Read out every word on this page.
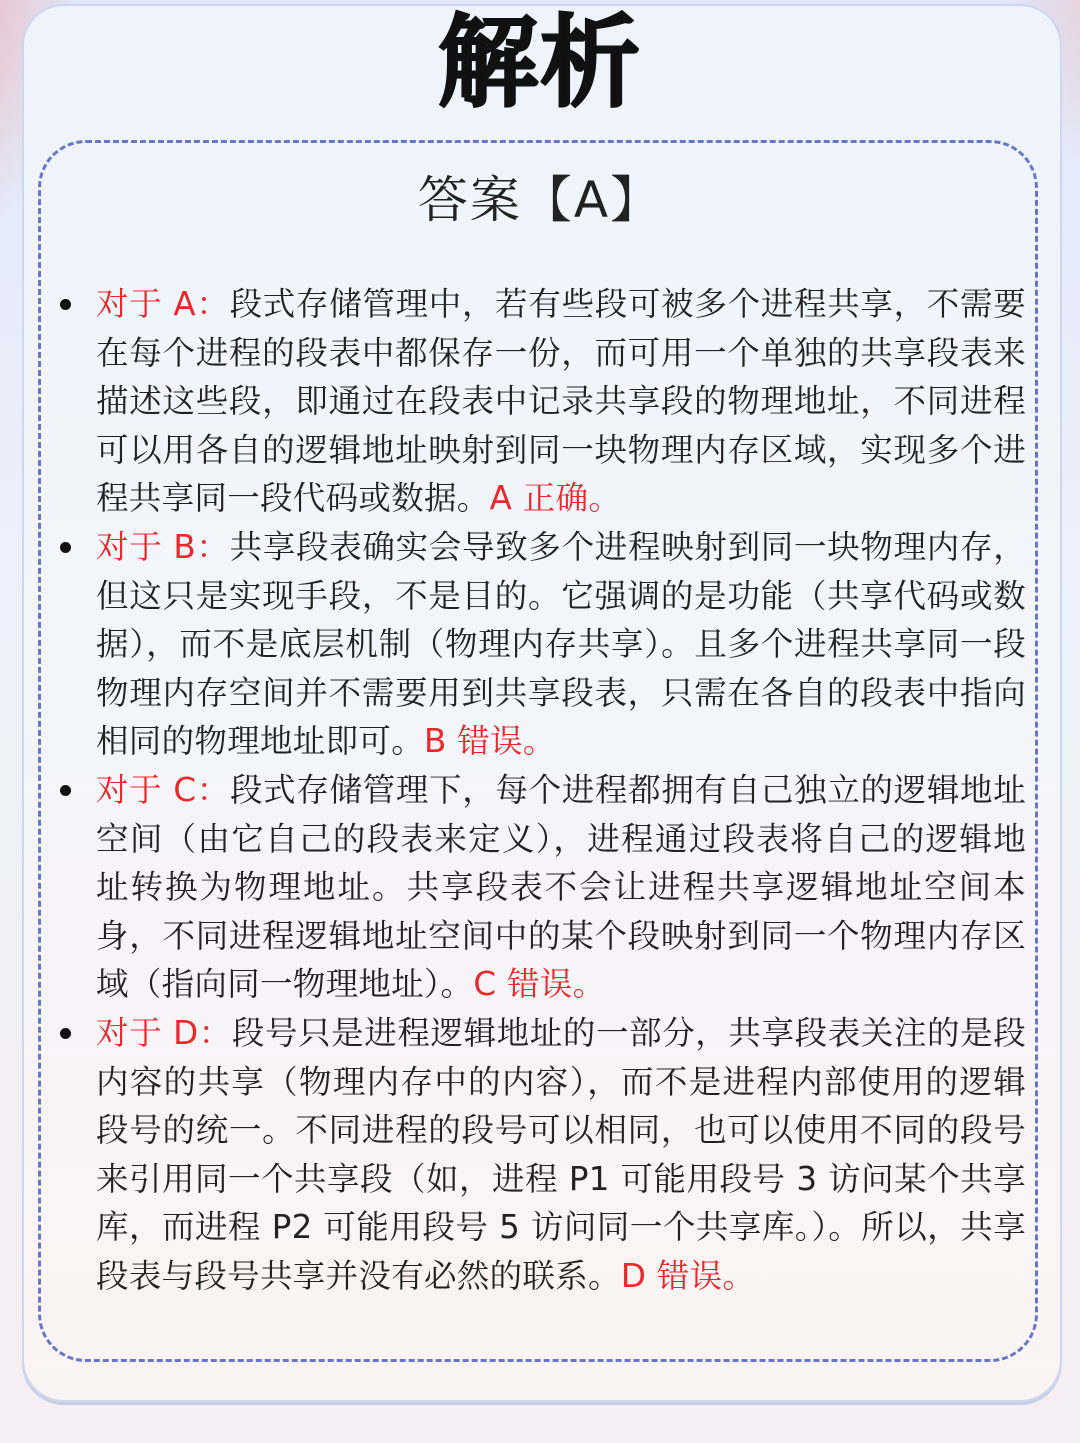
解析
答案【A】
对于 A：段式存储管理中，若有些段可被多个进程共享，不需要在每个进程的段表中都保存一份，而可用一个单独的共享段表来描述这些段，即通过在段表中记录共享段的物理地址，不同进程可以用各自的逻辑地址映射到同一块物理内存区域，实现多个进程共享同一段代码或数据。A 正确。
对于 B：共享段表确实会导致多个进程映射到同一块物理内存，但这只是实现手段，不是目的。它强调的是功能（共享代码或数据），而不是底层机制（物理内存共享）。且多个进程共享同一段物理内存空间并不需要用到共享段表，只需在各自的段表中指向相同的物理地址即可。B 错误。
对于 C：段式存储管理下，每个进程都拥有自己独立的逻辑地址空间（由它自己的段表来定义），进程通过段表将自己的逻辑地址转换为物理地址。共享段表不会让进程共享逻辑地址空间本身，不同进程逻辑地址空间中的某个段映射到同一个物理内存区域（指向同一物理地址）。C 错误。
对于 D：段号只是进程逻辑地址的一部分，共享段表关注的是段内容的共享（物理内存中的内容），而不是进程内部使用的逻辑段号的统一。不同进程的段号可以相同，也可以使用不同的段号来引用同一个共享段（如，进程 P1 可能用段号 3 访问某个共享库，而进程 P2 可能用段号 5 访问同一个共享库。）。所以，共享段表与段号共享并没有必然的联系。D 错误。
